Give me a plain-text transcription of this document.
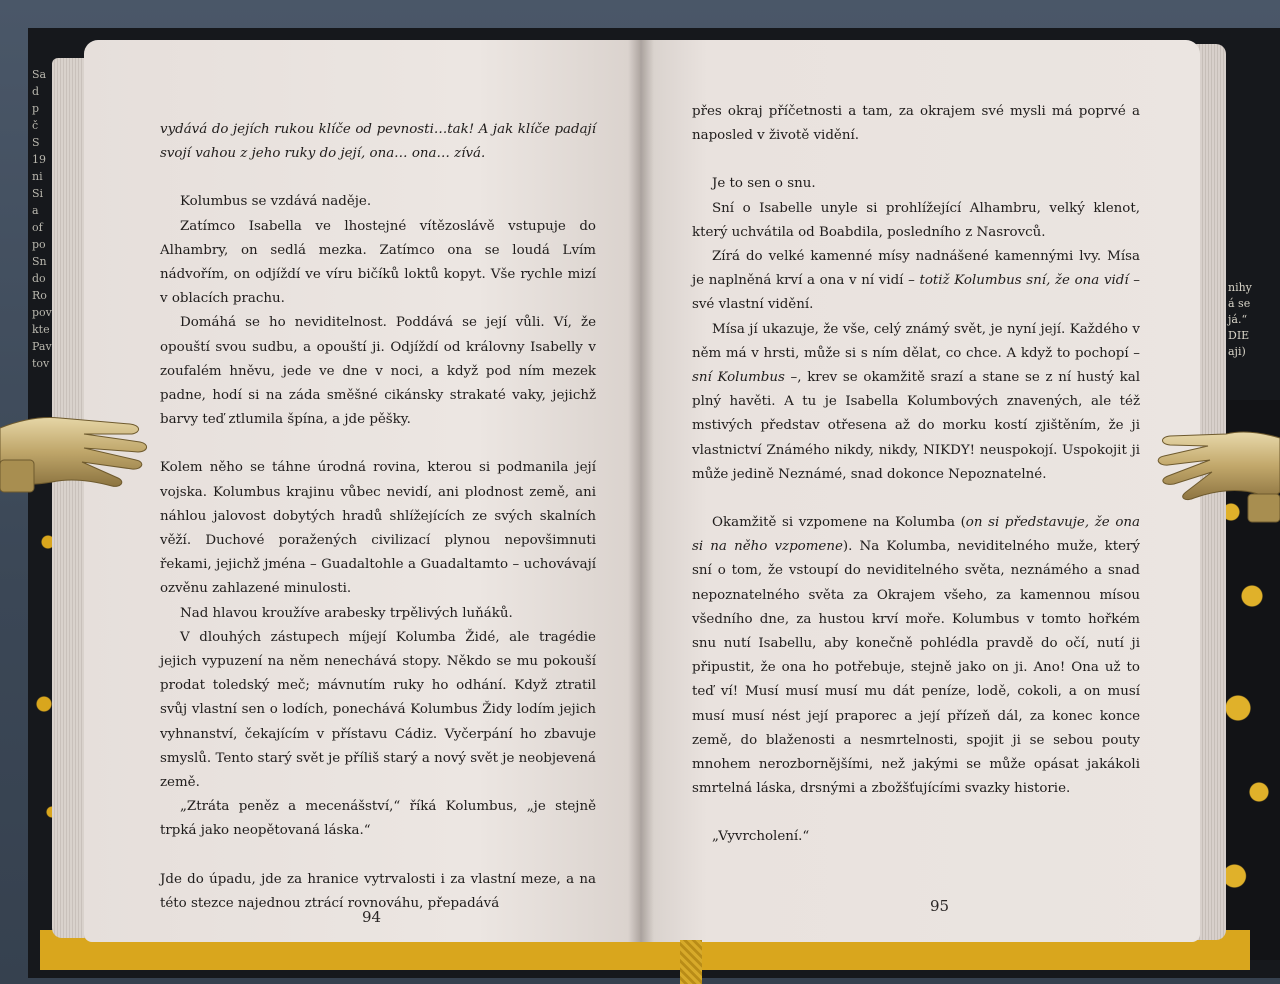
Sa
d
p
č
S
19
ni
Si
a
of
po
Sn
do
Ro
pov
kte
Pav
tov
nihy
á se
já.“
DIE
aji)

vydává do jejích rukou klíče od pevnosti…tak! A jak klíče padají svojí vahou z jeho ruky do její, ona… ona… zívá.

Kolumbus se vzdává naděje.

Zatímco Isabella ve lhostejné vítězoslávě vstupuje do Alhambry, on sedlá mezka. Zatímco ona se loudá Lvím nádvořím, on odjíždí ve víru bičíků loktů kopyt. Vše rychle mizí v oblacích prachu.

Domáhá se ho neviditelnost. Poddává se její vůli. Ví, že opouští svou sudbu, a opouští ji. Odjíždí od královny Isabelly v zoufalém hněvu, jede ve dne v noci, a když pod ním mezek padne, hodí si na záda směšné cikánsky strakaté vaky, jejichž barvy teď ztlumila špína, a jde pěšky.

Kolem něho se táhne úrodná rovina, kterou si podmanila její vojska. Kolumbus krajinu vůbec nevidí, ani plodnost země, ani náhlou jalovost dobytých hradů shlížejících ze svých skalních věží. Duchové poražených civilizací plynou nepovšimnuti řekami, jejichž jména – Guadaltohle a Guadaltamto – uchovávají ozvěnu zahlazené minulosti.

Nad hlavou kroužíve arabesky trpělivých luňáků.

V dlouhých zástupech míjejí Kolumba Židé, ale tragédie jejich vypuzení na něm nenechává stopy. Někdo se mu pokouší prodat toledský meč; mávnutím ruky ho odhání. Když ztratil svůj vlastní sen o lodích, ponechává Kolumbus Židy lodím jejich vyhnanství, čekajícím v přístavu Cádiz. Vyčerpání ho zbavuje smyslů. Tento starý svět je příliš starý a nový svět je neobjevená země.

„Ztráta peněz a mecenášství,“ říká Kolumbus, „je stejně trpká jako neopětovaná láska.“

Jde do úpadu, jde za hranice vytrvalosti i za vlastní meze, a na této stezce najednou ztrácí rovnováhu, přepadává

přes okraj příčetnosti a tam, za okrajem své mysli má poprvé a naposled v životě vidění.

Je to sen o snu.

Sní o Isabelle unyle si prohlížející Alhambru, velký klenot, který uchvátila od Boabdila, posledního z Nasrovců.

Zírá do velké kamenné mísy nadnášené kamennými lvy. Mísa je naplněná krví a ona v ní vidí – totiž Kolumbus sní, že ona vidí – své vlastní vidění.

Mísa jí ukazuje, že vše, celý známý svět, je nyní její. Každého v něm má v hrsti, může si s ním dělat, co chce. A když to pochopí – sní Kolumbus –, krev se okamžitě srazí a stane se z ní hustý kal plný havěti. A tu je Isabella Kolumbových znavených, ale též mstivých představ otřesena až do morku kostí zjištěním, že ji vlastnictví Známého nikdy, nikdy, NIKDY! neuspokojí. Uspokojit ji může jedině Neznámé, snad dokonce Nepoznatelné.

Okamžitě si vzpomene na Kolumba (on si představuje, že ona si na něho vzpomene). Na Kolumba, neviditelného muže, který sní o tom, že vstoupí do neviditelného světa, neznámého a snad nepoznatelného světa za Okrajem všeho, za kamennou mísou všedního dne, za hustou krví moře. Kolumbus v tomto hořkém snu nutí Isabellu, aby konečně pohlédla pravdě do očí, nutí ji připustit, že ona ho potřebuje, stejně jako on ji. Ano! Ona už to teď ví! Musí musí musí mu dát peníze, lodě, cokoli, a on musí musí musí nést její praporec a její přízeň dál, za konec konce země, do blaženosti a nesmrtelnosti, spojit ji se sebou pouty mnohem nerozbornějšími, než jakými se může opásat jakákoli smrtelná láska, drsnými a zbožšťujícími svazky historie.

„Vyvrcholení.“

94
95
